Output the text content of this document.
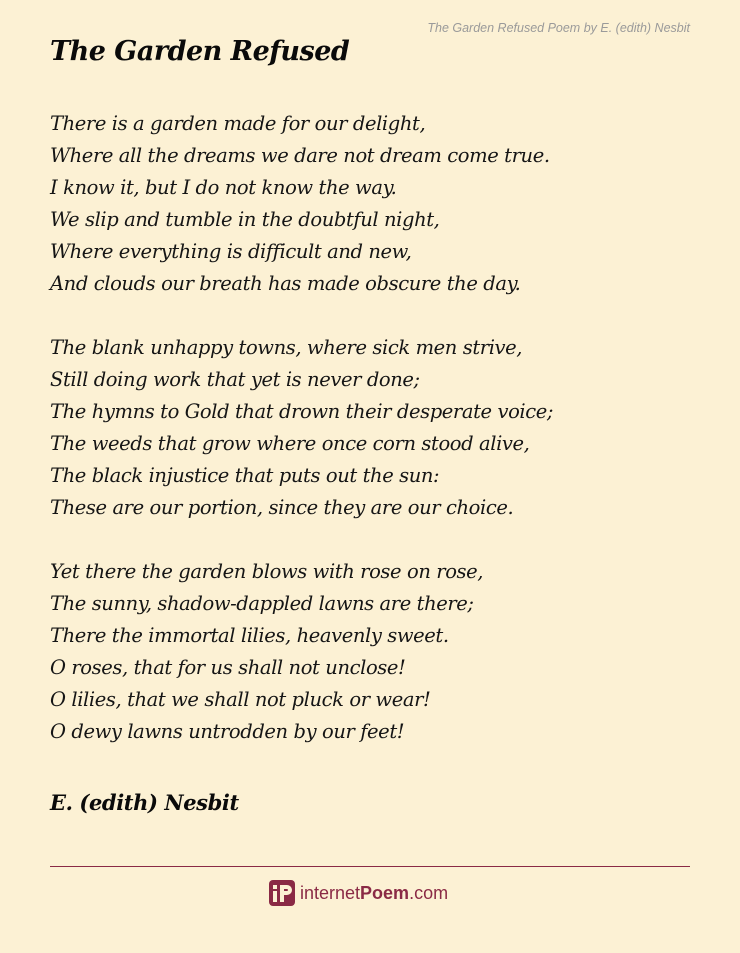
The Garden Refused Poem by E. (edith) Nesbit
The Garden Refused
There is a garden made for our delight,
Where all the dreams we dare not dream come true.
I know it, but I do not know the way.
We slip and tumble in the doubtful night,
Where everything is difficult and new,
And clouds our breath has made obscure the day.
The blank unhappy towns, where sick men strive,
Still doing work that yet is never done;
The hymns to Gold that drown their desperate voice;
The weeds that grow where once corn stood alive,
The black injustice that puts out the sun:
These are our portion, since they are our choice.
Yet there the garden blows with rose on rose,
The sunny, shadow-dappled lawns are there;
There the immortal lilies, heavenly sweet.
O roses, that for us shall not unclose!
O lilies, that we shall not pluck or wear!
O dewy lawns untrodden by our feet!
E. (edith) Nesbit
internetPoem.com
